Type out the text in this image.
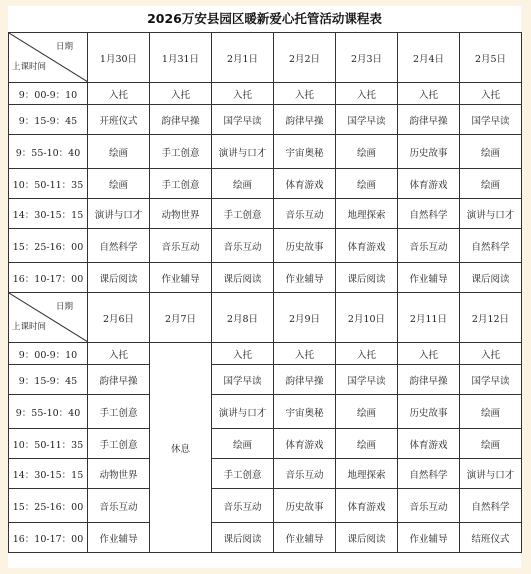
2026万安县园区暖新爱心托管活动课程表
日期
上课时间	1月30日	1月31日	2月1日	2月2日	2月3日	2月4日	2月5日
9：00-9：10	入托	入托	入托	入托	入托	入托	入托
9：15-9：45	开班仪式	韵律早操	国学早读	韵律早操	国学早读	韵律早操	国学早读
9：55-10：40	绘画	手工创意	演讲与口才	宇宙奥秘	绘画	历史故事	绘画
10：50-11：35	绘画	手工创意	绘画	体育游戏	绘画	体育游戏	绘画
14：30-15：15	演讲与口才	动物世界	手工创意	音乐互动	地理探索	自然科学	演讲与口才
15：25-16：00	自然科学	音乐互动	音乐互动	历史故事	体育游戏	音乐互动	自然科学
16：10-17：00	课后阅读	作业辅导	课后阅读	作业辅导	课后阅读	作业辅导	课后阅读

日期
上课时间	2月6日	2月7日	2月8日	2月9日	2月10日	2月11日	2月12日
9：00-9：10	入托	休息	入托	入托	入托	入托	入托
9：15-9：45	韵律早操		国学早读	韵律早操	国学早读	韵律早操	国学早读
9：55-10：40	手工创意		演讲与口才	宇宙奥秘	绘画	历史故事	绘画
10：50-11：35	手工创意		绘画	体育游戏	绘画	体育游戏	绘画
14：30-15：15	动物世界		手工创意	音乐互动	地理探索	自然科学	演讲与口才
15：25-16：00	音乐互动		音乐互动	历史故事	体育游戏	音乐互动	自然科学
16：10-17：00	作业辅导		课后阅读	作业辅导	课后阅读	作业辅导	结班仪式
